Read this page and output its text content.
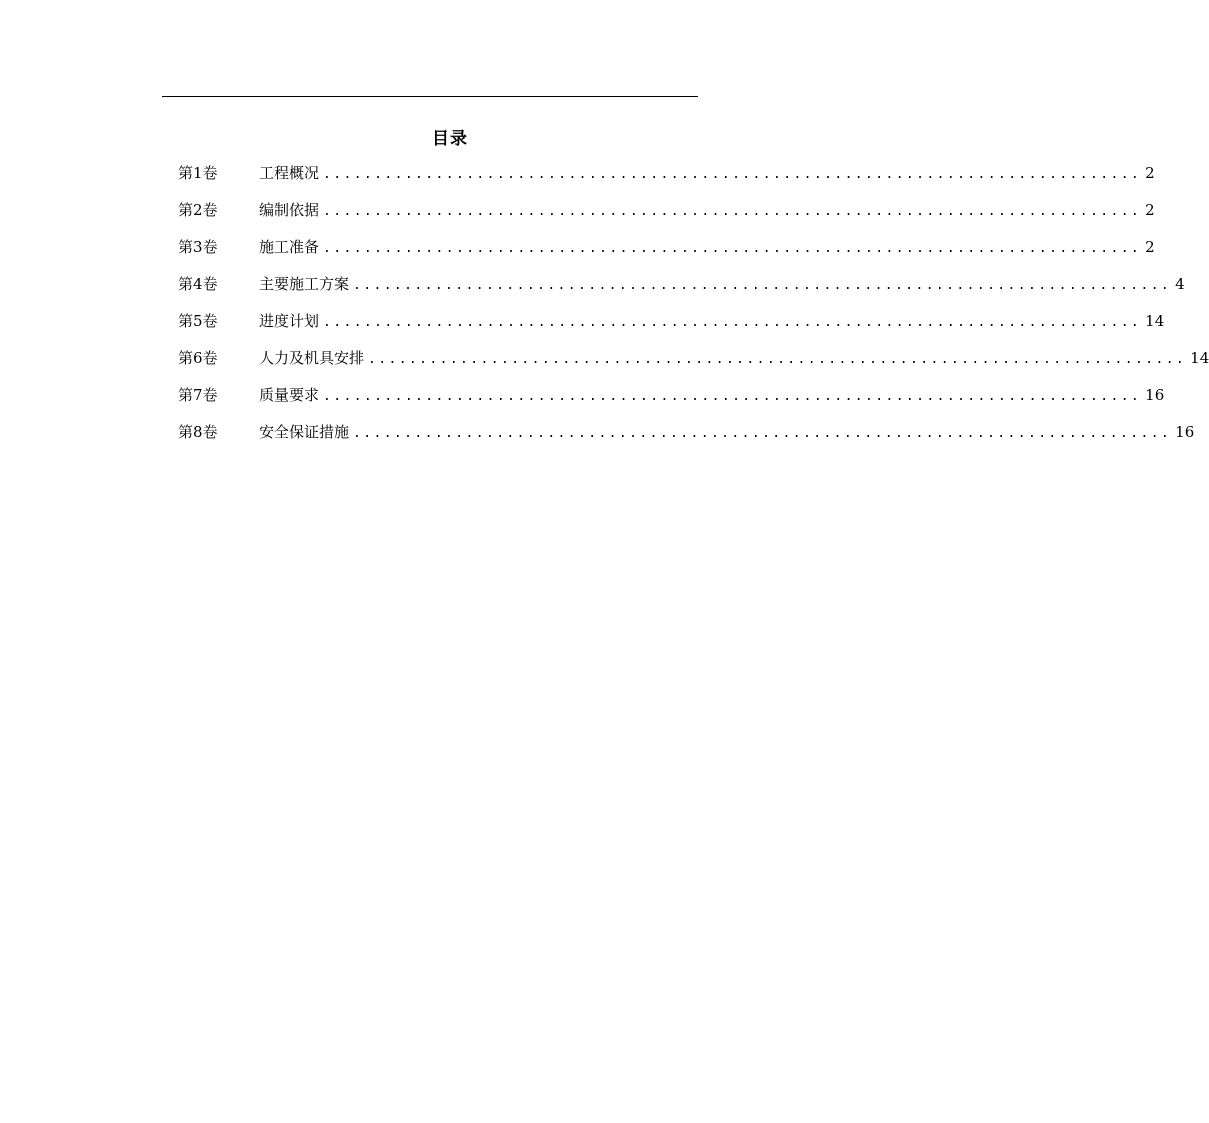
目录
第1卷	工程概况 ................................................................................ 2
第2卷	编制依据 ................................................................................ 2
第3卷	施工准备 ................................................................................ 2
第4卷	主要施工方案 ................................................................................ 4
第5卷	进度计划 ................................................................................ 14
第6卷	人力及机具安排 ................................................................................ 14
第7卷	质量要求 ................................................................................ 16
第8卷	安全保证措施 ................................................................................ 16
